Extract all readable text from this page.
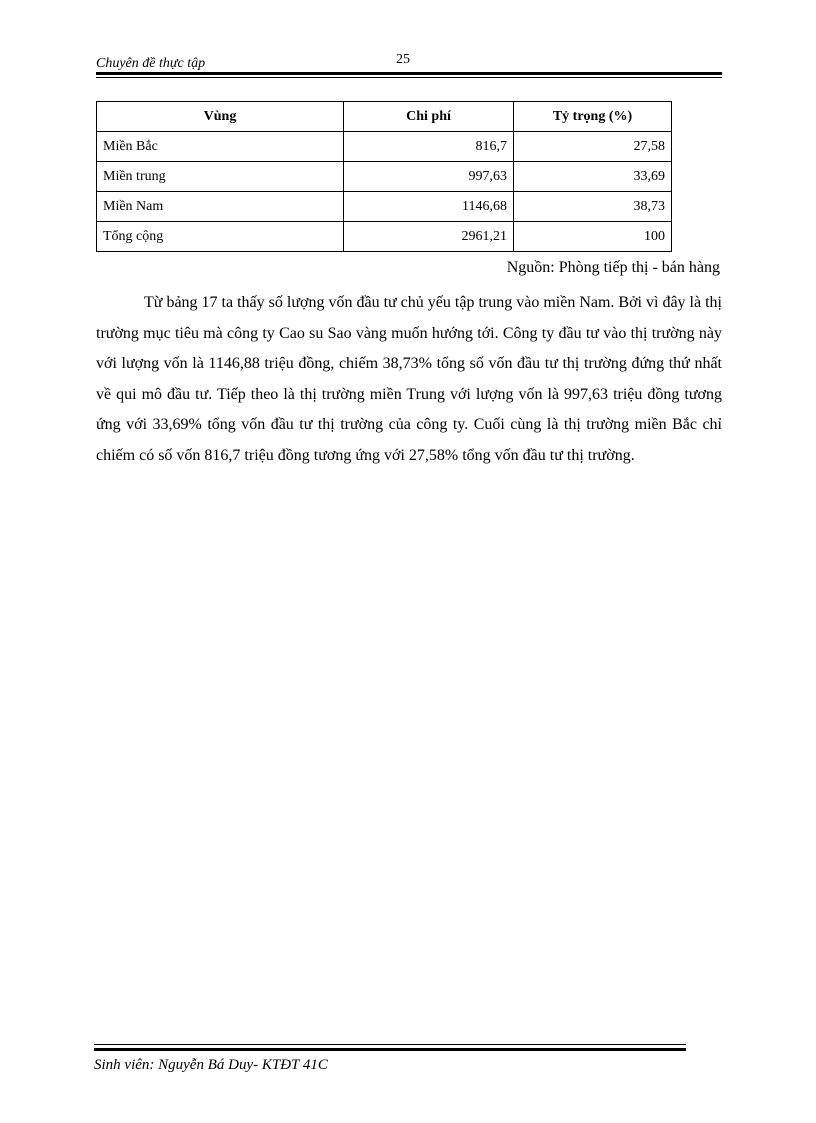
Chuyên đề thực tập	25
Vùng	Chi phí	Tỷ trọng (%)
Miền Bắc	816,7	27,58
Miền trung	997,63	33,69
Miền Nam	1146,68	38,73
Tổng cộng	2961,21	100
Nguồn: Phòng tiếp thị - bán hàng

Từ bảng 17 ta thấy số lượng vốn đầu tư chủ yếu tập trung vào miền Nam. Bởi vì đây là thị trường mục tiêu mà công ty Cao su Sao vàng muốn hướng tới. Công ty đầu tư vào thị trường này với lượng vốn là 1146,88 triệu đồng, chiếm 38,73% tổng số vốn đầu tư thị trường đứng thứ nhất về qui mô đầu tư. Tiếp theo là thị trường miền Trung với lượng vốn là 997,63 triệu đồng tương ứng với 33,69% tổng vốn đầu tư thị trường của công ty. Cuối cùng là thị trường miền Bắc chỉ chiếm có số vốn 816,7 triệu đồng tương ứng với 27,58% tổng vốn đầu tư thị trường.

Sinh viên: Nguyễn Bá Duy- KTĐT 41C
